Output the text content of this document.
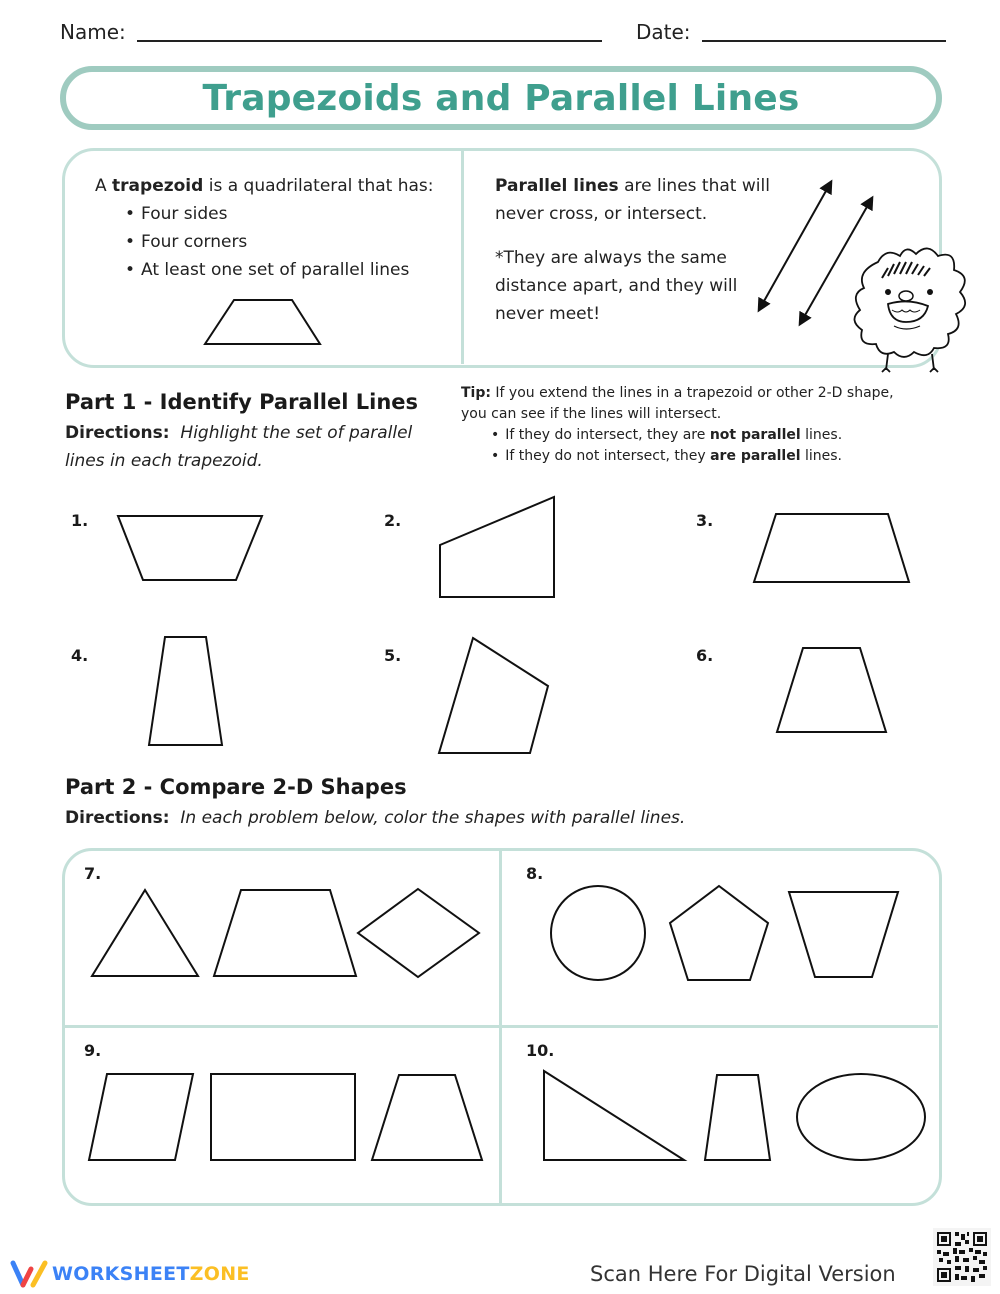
Name:	Date:
Trapezoids and Parallel Lines
A trapezoid is a quadrilateral that has:
• Four sides
• Four corners
• At least one set of parallel lines
Parallel lines are lines that will
never cross, or intersect.
*They are always the same
distance apart, and they will
never meet!
Part 1 - Identify Parallel Lines
Directions: Highlight the set of parallel
lines in each trapezoid.
Tip: If you extend the lines in a trapezoid or other 2-D shape,
you can see if the lines will intersect.
• If they do intersect, they are not parallel lines.
• If they do not intersect, they are parallel lines.
1.	2.	3.
4.	5.	6.
Part 2 - Compare 2-D Shapes
Directions: In each problem below, color the shapes with parallel lines.
7.	8.
9.	10.
WORKSHEETZONE	Scan Here For Digital Version
